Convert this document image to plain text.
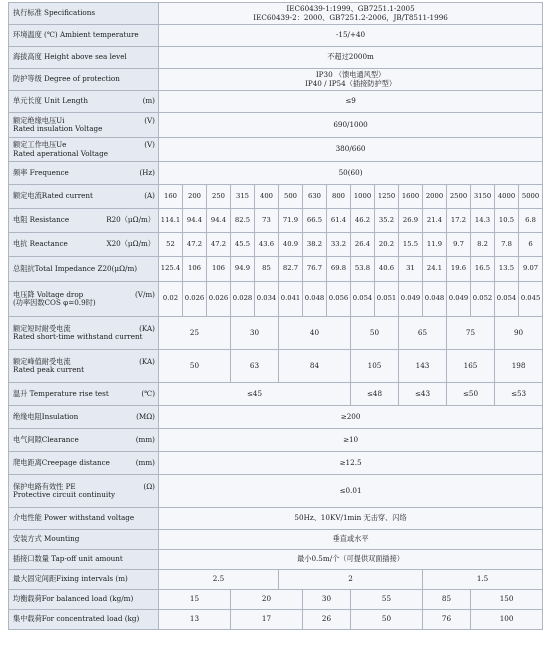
执行标准 Specifications	IEC60439-1:1999、GB7251.1-2005
IEC60439-2：2000、GB7251.2-2006，JB/T8511-1996															

环境温度 (℃) Ambient temperature	-15/+40															
海拔高度 Height above sea level	不超过2000m															
防护等级 Degree of protection	IP30 （馈电通风型）
IP40 / IP54（插接防护型）															

单元长度 Unit Length (m)	≤9															

额定绝缘电压Ui (V)
Rated insulation Voltage	690/1000															

额定工作电压Ue (V)
Rated aperational Voltage	380/660															

频率 Frequence (Hz)	50(60)															

额定电流Rated current (A)	160	200	250	315	400	500	630	800	1000	1250	1600	2000	2500	3150	4000	5000

电阻 Resistance R20（μΩ/m）	114.1	94.4	94.4	82.5	73	71.9	66.5	61.4	46.2	35.2	26.9	21.4	17.2	14.3	10.5	6.8

电抗 Reactance X20（μΩ/m）	52	47.2	47.2	45.5	43.6	40.9	38.2	33.2	26.4	20.2	15.5	11.9	9.7	8.2	7.8	6
总阻抗Total Impedance Z20(μΩ/m)	125.4	106	106	94.9	85	82.7	76.7	69.8	53.8	40.6	31	24.1	19.6	16.5	13.5	9.07

电压降 Voltage drop (V/m)
(功率因数COS φ=0.9时)	0.02	0.026	0.026	0.028	0.034	0.041	0.048	0.056	0.054	0.051	0.049	0.048	0.049	0.052	0.054	0.045

额定短时耐受电流 (KA)
Rated short-time withstand current	25			30		40			50		65		75		90	

额定峰值耐受电流 (KA)
Rated peak current	50			63		84			105		143		165		198	

温升 Temperature rise test (℃)	≤45								≤48		≤43		≤50		≤53	

绝缘电阻Insulation (MΩ)	≥200															

电气间隙Clearance (mm)	≥10															

爬电距离Creepage distance (mm)	≥12.5															

保护电路有效性 PE (Ω)
Protective circuit continuity	≤0.01															
介电性能 Power withstand voltage	50Hz、10KV/1min 无击穿、闪络															
安装方式 Mounting	垂直或水平															
插接口数量 Tap-off unit amount	最小0.5m/个（可提供双面插接）															
最大固定间距Fixing intervals (m)	2.5					2						1.5				
均衡载荷For balanced load (kg/m)	15			20			30		55			85		150		
集中载荷For concentrated load (kg)	13			17			26		50			76		100		
